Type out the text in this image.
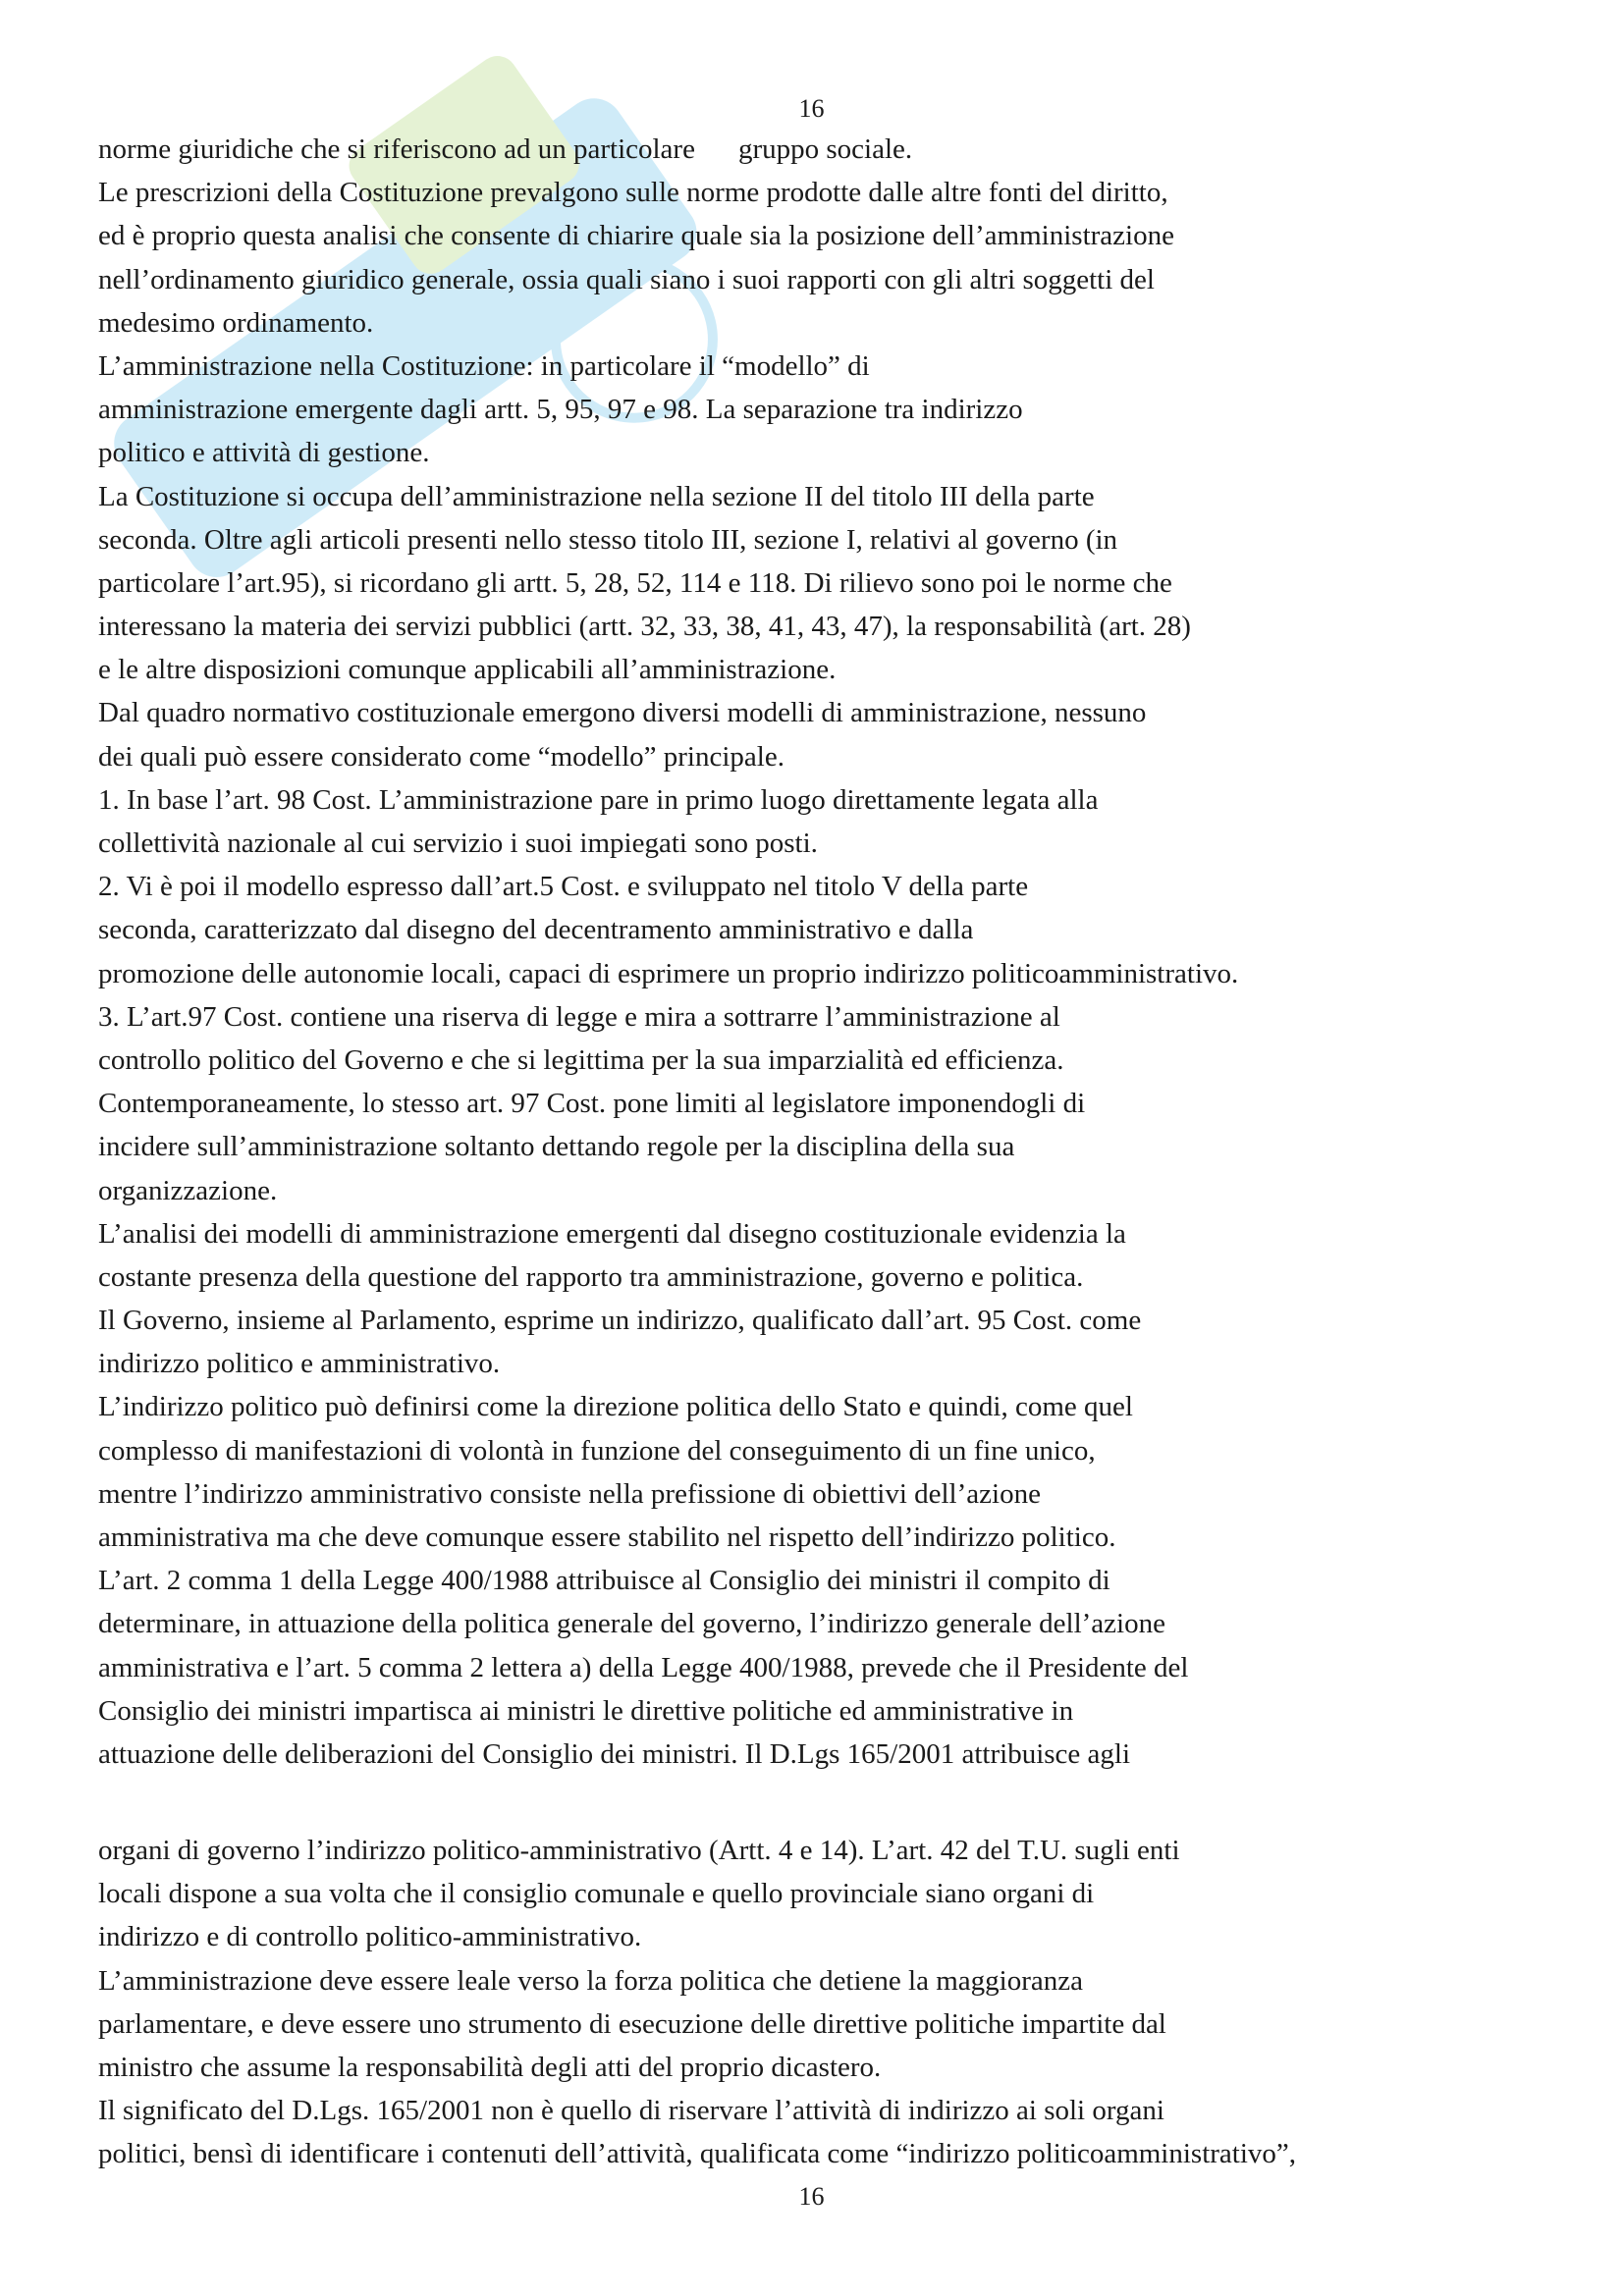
16
norme giuridiche che si riferiscono ad un particolare gruppo sociale.
Le prescrizioni della Costituzione prevalgono sulle norme prodotte dalle altre fonti del diritto,
ed è proprio questa analisi che consente di chiarire quale sia la posizione dell’amministrazione
nell’ordinamento giuridico generale, ossia quali siano i suoi rapporti con gli altri soggetti del
medesimo ordinamento.
L’amministrazione nella Costituzione: in particolare il “modello” di
amministrazione emergente dagli artt. 5, 95, 97 e 98. La separazione tra indirizzo
politico e attività di gestione.
La Costituzione si occupa dell’amministrazione nella sezione II del titolo III della parte
seconda. Oltre agli articoli presenti nello stesso titolo III, sezione I, relativi al governo (in
particolare l’art.95), si ricordano gli artt. 5, 28, 52, 114 e 118. Di rilievo sono poi le norme che
interessano la materia dei servizi pubblici (artt. 32, 33, 38, 41, 43, 47), la responsabilità (art. 28)
e le altre disposizioni comunque applicabili all’amministrazione.
Dal quadro normativo costituzionale emergono diversi modelli di amministrazione, nessuno
dei quali può essere considerato come “modello” principale.
1. In base l’art. 98 Cost. L’amministrazione pare in primo luogo direttamente legata alla
collettività nazionale al cui servizio i suoi impiegati sono posti.
2. Vi è poi il modello espresso dall’art.5 Cost. e sviluppato nel titolo V della parte
seconda, caratterizzato dal disegno del decentramento amministrativo e dalla
promozione delle autonomie locali, capaci di esprimere un proprio indirizzo politicoamministrativo.
3. L’art.97 Cost. contiene una riserva di legge e mira a sottrarre l’amministrazione al
controllo politico del Governo e che si legittima per la sua imparzialità ed efficienza.
Contemporaneamente, lo stesso art. 97 Cost. pone limiti al legislatore imponendogli di
incidere sull’amministrazione soltanto dettando regole per la disciplina della sua
organizzazione.
L’analisi dei modelli di amministrazione emergenti dal disegno costituzionale evidenzia la
costante presenza della questione del rapporto tra amministrazione, governo e politica.
Il Governo, insieme al Parlamento, esprime un indirizzo, qualificato dall’art. 95 Cost. come
indirizzo politico e amministrativo.
L’indirizzo politico può definirsi come la direzione politica dello Stato e quindi, come quel
complesso di manifestazioni di volontà in funzione del conseguimento di un fine unico,
mentre l’indirizzo amministrativo consiste nella prefissione di obiettivi dell’azione
amministrativa ma che deve comunque essere stabilito nel rispetto dell’indirizzo politico.
L’art. 2 comma 1 della Legge 400/1988 attribuisce al Consiglio dei ministri il compito di
determinare, in attuazione della politica generale del governo, l’indirizzo generale dell’azione
amministrativa e l’art. 5 comma 2 lettera a) della Legge 400/1988, prevede che il Presidente del
Consiglio dei ministri impartisca ai ministri le direttive politiche ed amministrative in
attuazione delle deliberazioni del Consiglio dei ministri. Il D.Lgs 165/2001 attribuisce agli
organi di governo l’indirizzo politico-amministrativo (Artt. 4 e 14). L’art. 42 del T.U. sugli enti
locali dispone a sua volta che il consiglio comunale e quello provinciale siano organi di
indirizzo e di controllo politico-amministrativo.
L’amministrazione deve essere leale verso la forza politica che detiene la maggioranza
parlamentare, e deve essere uno strumento di esecuzione delle direttive politiche impartite dal
ministro che assume la responsabilità degli atti del proprio dicastero.
Il significato del D.Lgs. 165/2001 non è quello di riservare l’attività di indirizzo ai soli organi
politici, bensì di identificare i contenuti dell’attività, qualificata come “indirizzo politicoamministrativo”,
16
